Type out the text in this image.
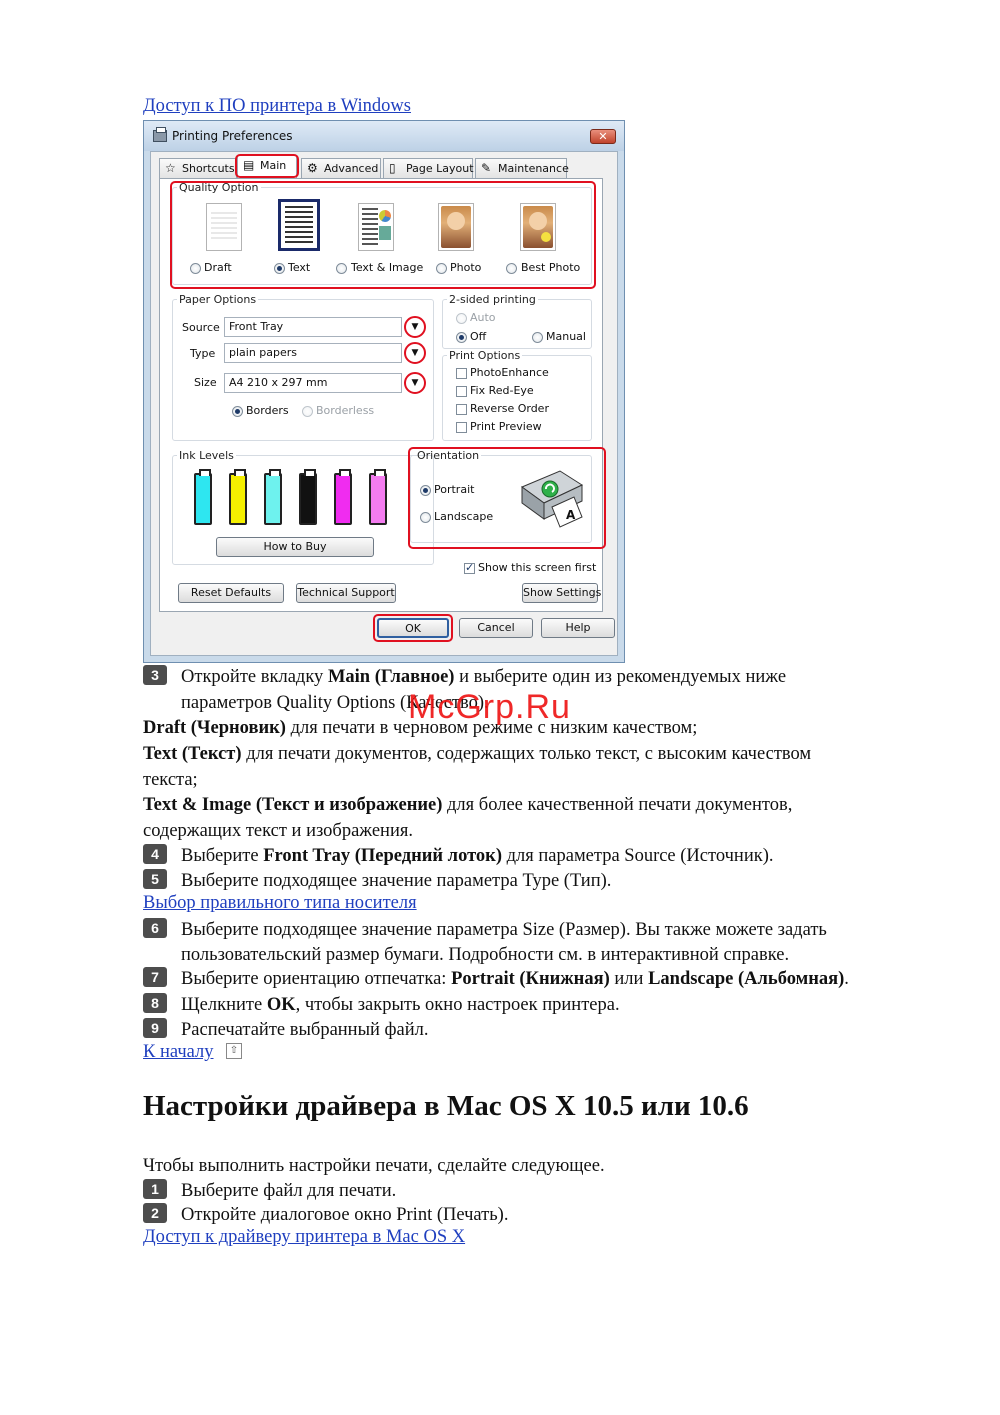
Доступ к ПО принтера в Windows
Printing Preferences	✕
☆ Shortcuts ▤ Main	⚙ Advanced ▯ Page Layout ✎ Maintenance
Quality Option
Draft	Text	Text & Image Photo	Best Photo
Paper Options
Source Front Tray	▼
Type	plain papers	▼
Size	A4 210 x 297 mm	▼
Borders Borderless
2-sided printing
Auto
Off	Manual
Print Options
PhotoEnhance
Fix Red-Eye
Reverse Order
Print Preview
Ink Levels
How to Buy
Orientation
Portrait
Landscape	A
✓
Show this screen first
Reset Defaults	Technical Support	Show Settings
OK	Cancel	Help
3 Откройте вкладку Main (Главное) и выберите один из рекомендуемых ниже
параметров Quality Options (Качество).
Draft (Черновик) для печати в черновом режиме с низким качеством;
Text (Текст) для печати документов, содержащих только текст, с высоким качеством
текста;
Text & Image (Текст и изображение) для более качественной печати документов,
содержащих текст и изображения.
4 Выберите Front Tray (Передний лоток) для параметра Source (Источник).
5 Выберите подходящее значение параметра Type (Тип).
Выбор правильного типа носителя
6 Выберите подходящее значение параметра Size (Размер). Вы также можете задать
пользовательский размер бумаги. Подробности см. в интерактивной справке.
7 Выберите ориентацию отпечатка: Portrait (Книжная) или Landscape (Альбомная).
8 Щелкните OK, чтобы закрыть окно настроек принтера.
9 Распечатайте выбранный файл.
К началу	⇧
McGrp.Ru
Настройки драйвера в Mac OS X 10.5 или 10.6
Чтобы выполнить настройки печати, сделайте следующее.
1 Выберите файл для печати.
2 Откройте диалоговое окно Print (Печать).
Доступ к драйверу принтера в Mac OS X
